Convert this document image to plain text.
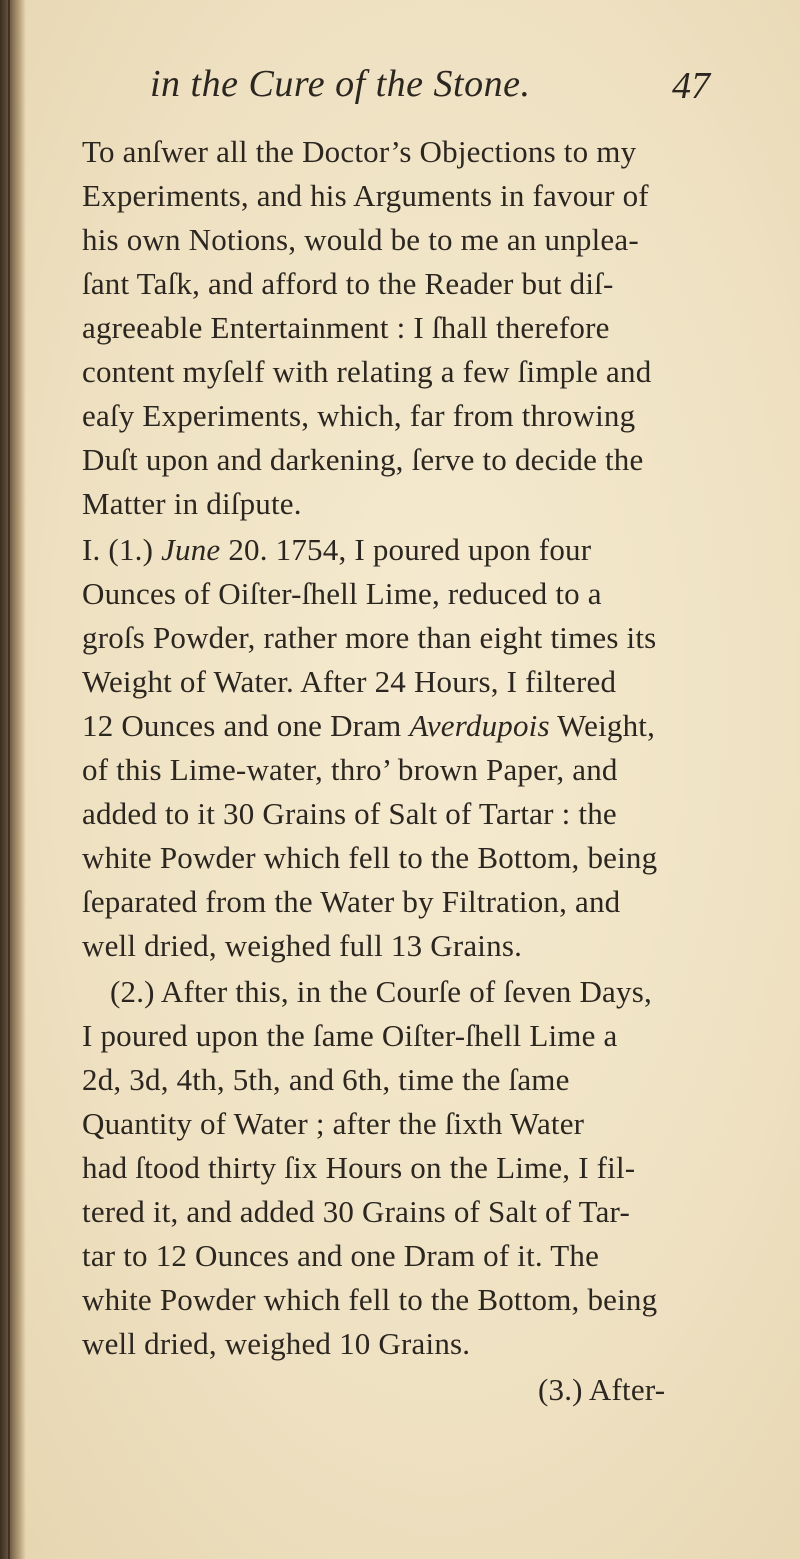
in the Cure of the Stone.	47
To anſwer all the Doctor’s Objections to my
Experiments, and his Arguments in favour of
his own Notions, would be to me an unplea-
ſant Taſk, and afford to the Reader but diſ-
agreeable Entertainment : I ſhall therefore
content myſelf with relating a few ſimple and
eaſy Experiments, which, far from throwing
Duſt upon and darkening, ſerve to decide the
Matter in diſpute.
I. (1.) June 20. 1754, I poured upon four
Ounces of Oiſter-ſhell Lime, reduced to a
groſs Powder, rather more than eight times its
Weight of Water. After 24 Hours, I filtered
12 Ounces and one Dram Averdupois Weight,
of this Lime-water, thro’ brown Paper, and
added to it 30 Grains of Salt of Tartar : the
white Powder which fell to the Bottom, being
ſeparated from the Water by Filtration, and
well dried, weighed full 13 Grains.
(2.) After this, in the Courſe of ſeven Days,
I poured upon the ſame Oiſter-ſhell Lime a
2d, 3d, 4th, 5th, and 6th, time the ſame
Quantity of Water ; after the ſixth Water
had ſtood thirty ſix Hours on the Lime, I fil-
tered it, and added 30 Grains of Salt of Tar-
tar to 12 Ounces and one Dram of it. The
white Powder which fell to the Bottom, being
well dried, weighed 10 Grains.
(3.) After-
